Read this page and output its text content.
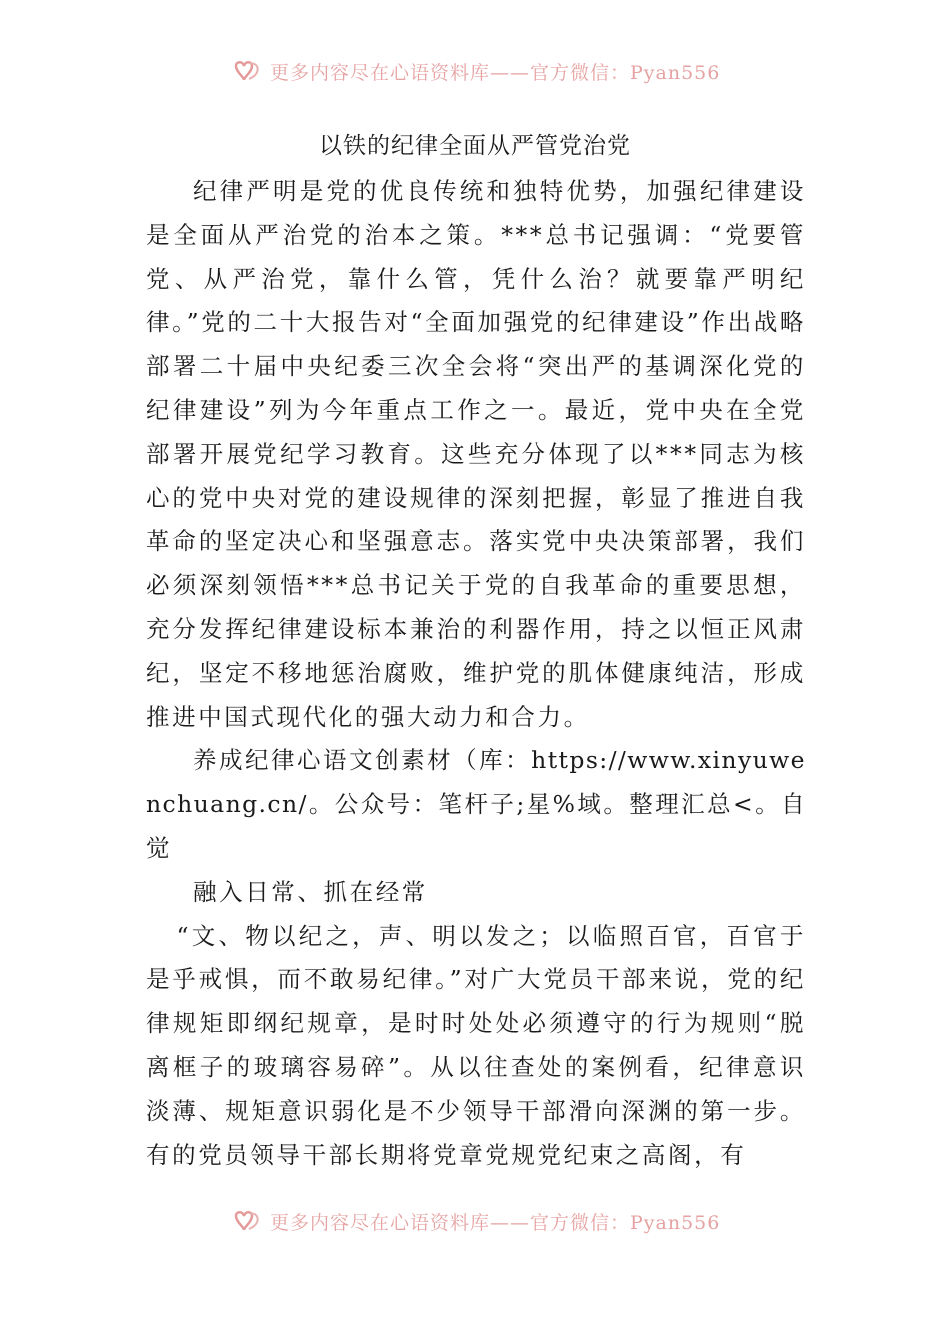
更多内容尽在心语资料库——官方微信：Pyan556
以铁的纪律全面从严管党治党

纪律严明是党的优良传统和独特优势，加强纪律建设是全面从严治党的治本之策。***总书记强调：“党要管党、从严治党，靠什么管，凭什么治？就要靠严明纪律。”党的二十大报告对“全面加强党的纪律建设”作出战略部署二十届中央纪委三次全会将“突出严的基调深化党的纪律建设”列为今年重点工作之一。最近，党中央在全党部署开展党纪学习教育。这些充分体现了以***同志为核心的党中央对党的建设规律的深刻把握，彰显了推进自我革命的坚定决心和坚强意志。落实党中央决策部署，我们必须深刻领悟***总书记关于党的自我革命的重要思想，充分发挥纪律建设标本兼治的利器作用，持之以恒正风肃纪，坚定不移地惩治腐败，维护党的肌体健康纯洁，形成推进中国式现代化的强大动力和合力。

养成纪律心语文创素材（库：https://www.xinyuwenchuang.cn/。公众号：笔杆子;星%域。整理汇总<。自觉

融入日常、抓在经常

“文、物以纪之，声、明以发之；以临照百官，百官于是乎戒惧，而不敢易纪律。”对广大党员干部来说，党的纪律规矩即纲纪规章，是时时处处必须遵守的行为规则“脱离框子的玻璃容易碎”。从以往查处的案例看，纪律意识淡薄、规矩意识弱化是不少领导干部滑向深渊的第一步。有的党员领导干部长期将党章党规党纪束之高阁，有

更多内容尽在心语资料库——官方微信：Pyan556
